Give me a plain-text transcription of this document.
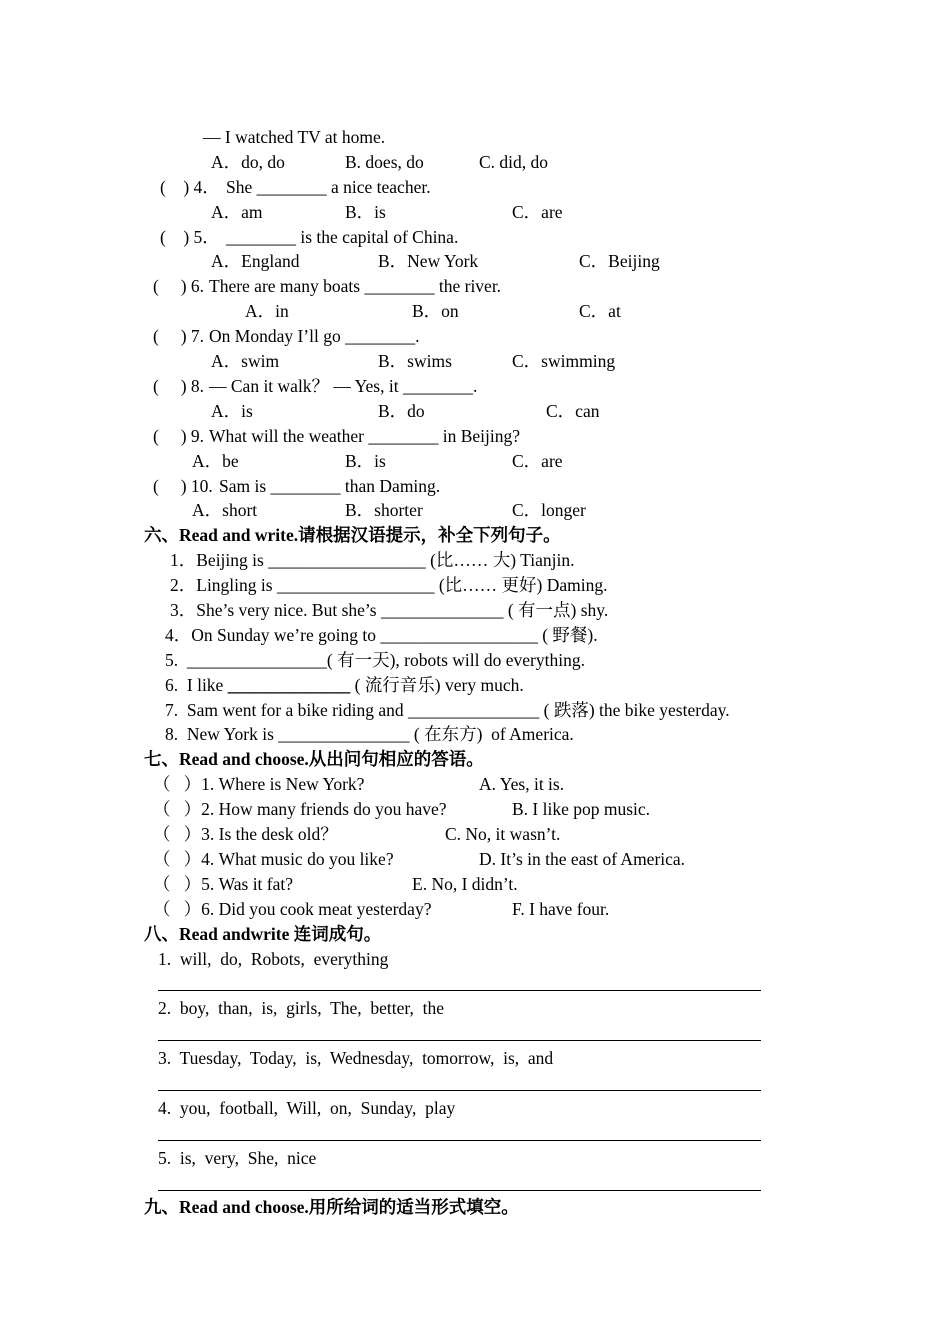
— I watched TV at home.
A．do, do	B. does, do	C. did, do
(    ) 4． She ________ a nice teacher.
A．am	B．is	C．are
(    ) 5． ________ is the capital of China.
A．England	B．New York	C．Beijing
(     ) 6. There are many boats ________ the river.
A．in	B．on	C．at
(     ) 7. On Monday I’ll go ________.
A．swim	B．swims	C．swimming
(     ) 8. — Can it walk？ — Yes, it ________.
A．is	B．do	C．can
(     ) 9. What will the weather ________ in Beijing?
A．be	B．is	C．are
(     ) 10. Sam is ________ than Daming.
A．short	B．shorter	C．longer
六、Read and write.请根据汉语提示，补全下列句子。
1．Beijing is __________________ (比…… 大) Tianjin.
2．Lingling is __________________ (比…… 更好) Daming.
3．She’s very nice. But she’s ______________ ( 有一点) shy.
4．On Sunday we’re going to __________________ ( 野餐).
5.  ________________( 有一天), robots will do everything.
6.  I like ______________ ( 流行音乐) very much.
7.  Sam went for a bike riding and _______________ ( 跌落) the bike yesterday.
8.  New York is _______________ ( 在东方)  of America.
七、Read and choose.从出问句相应的答语。
（   ）1. Where is New York?	A. Yes, it is.
（   ）2. How many friends do you have?	B. I like pop music.
（   ）3. Is the desk old？	C. No, it wasn’t.
（   ）4. What music do you like?	D. It’s in the east of America.
（   ）5. Was it fat?	E. No, I didn’t.
（   ）6. Did you cook meat yesterday?	F. I have four.
八、Read andwrite 连词成句。
1.  will,  do,  Robots,  everything
2.  boy,  than,  is,  girls,  The,  better,  the
3.  Tuesday,  Today,  is,  Wednesday,  tomorrow,  is,  and
4.  you,  football,  Will,  on,  Sunday,  play
5.  is,  very,  She,  nice
九、Read and choose.用所给词的适当形式填空。
